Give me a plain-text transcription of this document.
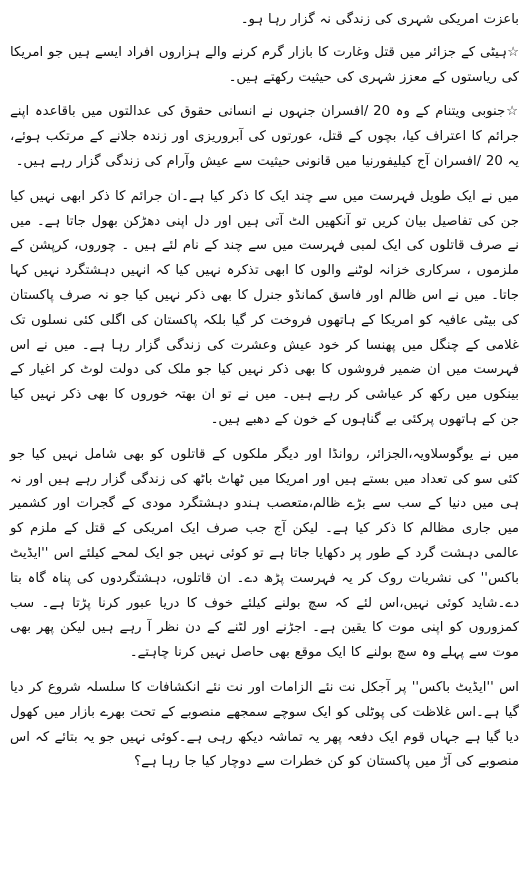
باعزت امریکی شہری کی زندگی نہ گزار رہا ہو۔

☆ہیٹی کے جزائر میں قتل وغارت کا بازار گرم کرنے والے ہزاروں افراد ایسے ہیں جو امریکا کی ریاستوں کے معزز شہری کی حیثیت رکھتے ہیں۔

☆جنوبی ویتنام کے وہ 20 /افسران جنہوں نے انسانی حقوق کی عدالتوں میں باقاعدہ اپنے جرائم کا اعتراف کیا، بچوں کے قتل، عورتوں کی آبروریزی اور زندہ جلانے کے مرتکب ہوئے، یہ 20 /افسران آج کیلیفورنیا میں قانونی حیثیت سے عیش وآرام کی زندگی گزار رہے ہیں۔

میں نے ایک طویل فہرست میں سے چند ایک کا ذکر کیا ہے۔ان جرائم کا ذکر ابھی نہیں کیا جن کی تفاصیل بیان کریں تو آنکھیں الٹ آتی ہیں اور دل اپنی دھڑکن بھول جاتا ہے۔ میں نے صرف قاتلوں کی ایک لمبی فہرست میں سے چند کے نام لئے ہیں ۔ چوروں، کرپشن کے ملزموں ، سرکاری خزانہ لوٹنے والوں کا ابھی تذکرہ نہیں کیا کہ انہیں دہشتگرد نہیں کہا جاتا۔ میں نے اس ظالم اور فاسق کمانڈو جنرل کا بھی ذکر نہیں کیا جو نہ صرف پاکستان کی بیٹی عافیہ کو امریکا کے ہاتھوں فروخت کر گیا بلکہ پاکستان کی اگلی کئی نسلوں تک غلامی کے چنگل میں پھنسا کر خود عیش وعشرت کی زندگی گزار رہا ہے۔ میں نے اس فہرست میں ان ضمیر فروشوں کا بھی ذکر نہیں کیا جو ملک کی دولت لوٹ کر اغیار کے بینکوں میں رکھ کر عیاشی کر رہے ہیں۔ میں نے تو ان بھتہ خوروں کا بھی ذکر نہیں کیا جن کے ہاتھوں پرکئی بے گناہوں کے خون کے دھبے ہیں۔

میں نے یوگوسلاویہ،الجزائر، روانڈا اور دیگر ملکوں کے قاتلوں کو بھی شامل نہیں کیا جو کئی سو کی تعداد میں بستے ہیں اور امریکا میں ٹھاٹ باٹھ کی زندگی گزار رہے ہیں اور نہ ہی میں دنیا کے سب سے بڑے ظالم،متعصب ہندو دہشتگرد مودی کے گجرات اور کشمیر میں جاری مظالم کا ذکر کیا ہے۔ لیکن آج جب صرف ایک امریکی کے قتل کے ملزم کو عالمی دہشت گرد کے طور پر دکھایا جاتا ہے تو کوئی نہیں جو ایک لمحے کیلئے اس ''ایڈیٹ باکس'' کی نشریات روک کر یہ فہرست پڑھ دے۔ ان قاتلوں، دہشتگردوں کی پناہ گاہ بتا دے۔شاید کوئی نہیں،اس لئے کہ سچ بولنے کیلئے خوف کا دریا عبور کرنا پڑتا ہے۔ سب کمزوروں کو اپنی موت کا یقین ہے۔ اجڑنے اور لٹنے کے دن نظر آ رہے ہیں لیکن پھر بھی موت سے پہلے وہ سچ بولنے کا ایک موقع بھی حاصل نہیں کرنا چاہتے۔

اس ''ایڈیٹ باکس'' پر آجکل نت نئے الزامات اور نت نئے انکشافات کا سلسلہ شروع کر دیا گیا ہے۔اس غلاظت کی پوٹلی کو ایک سوچے سمجھے منصوبے کے تحت بھرے بازار میں کھول دیا گیا ہے جہاں قوم ایک دفعہ پھر یہ تماشہ دیکھ رہی ہے۔کوئی نہیں جو یہ بتائے کہ اس منصوبے کی آڑ میں پاکستان کو کن خطرات سے دوچار کیا جا رہا ہے؟
